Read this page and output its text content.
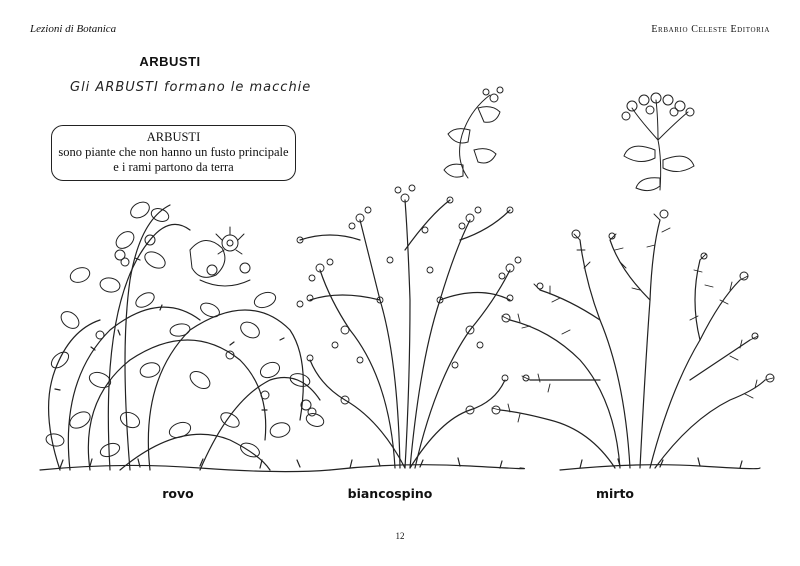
Lezioni di Botanica	Erbario Celeste Editoria
ARBUSTI
Gli ARBUSTI formano le macchie
ARBUSTI
sono piante che non hanno un fusto principale
e i rami partono da terra
rovo	biancospino	mirto
12
